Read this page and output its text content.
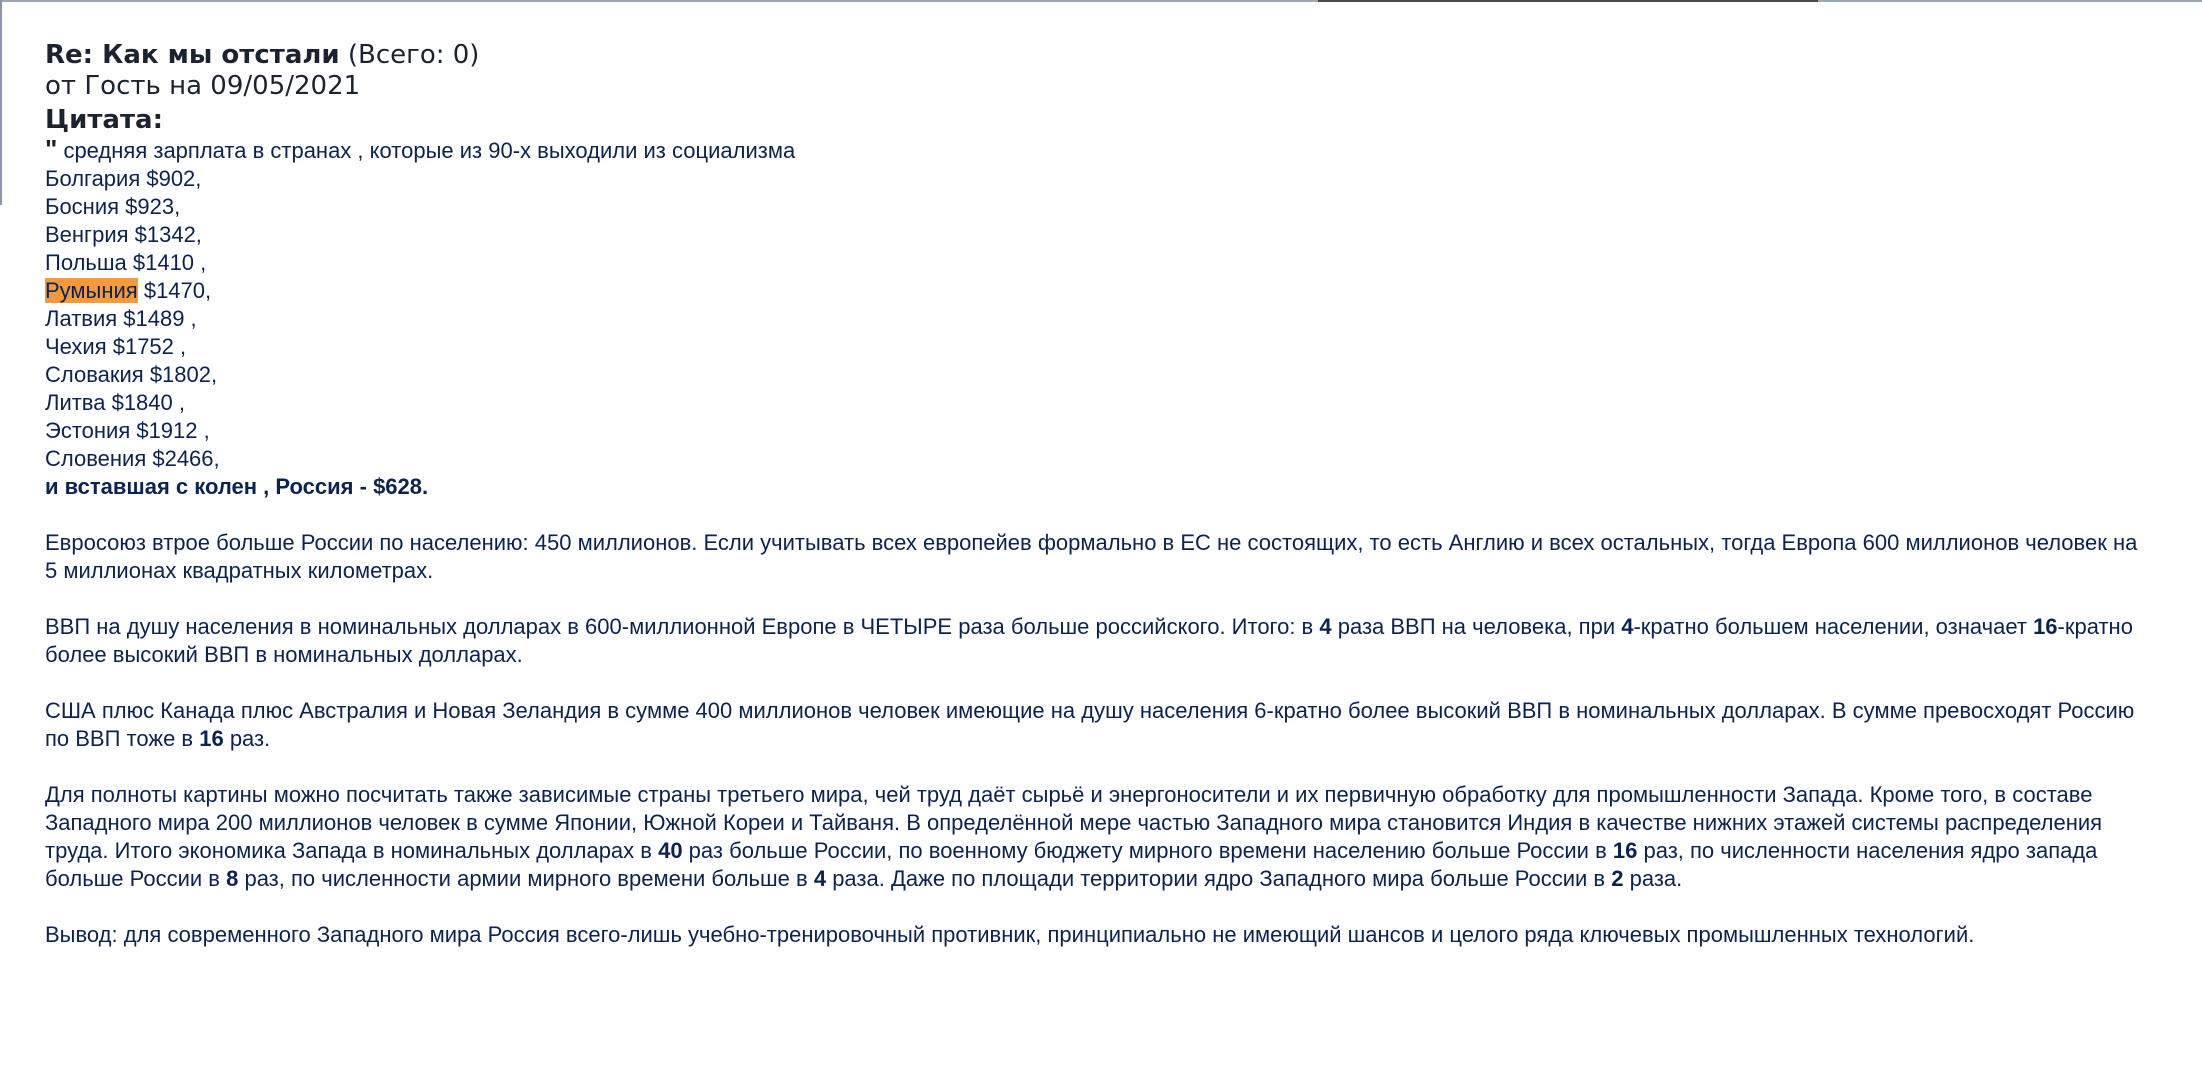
Re: Как мы отстали (Всего: 0)
от Гость на 09/05/2021
Цитата:
" средняя зарплата в странах , которые из 90-х выходили из социализма
Болгария $902,
Босния $923,
Венгрия $1342,
Польша $1410 ,
Румыния $1470,
Латвия $1489 ,
Чехия $1752 ,
Словакия $1802,
Литва $1840 ,
Эстония $1912 ,
Словения $2466,
и вставшая с колен , Россия - $628.
Евросоюз втрое больше России по населению: 450 миллионов. Если учитывать всех европейев формально в ЕС не состоящих, то есть Англию и всех остальных, тогда Европа 600 миллионов человек на 5 миллионах квадратных километрах.
ВВП на душу населения в номинальных долларах в 600-миллионной Европе в ЧЕТЫРЕ раза больше российского. Итого: в 4 раза ВВП на человека, при 4-кратно большем населении, означает 16-кратно более высокий ВВП в номинальных долларах.
США плюс Канада плюс Австралия и Новая Зеландия в сумме 400 миллионов человек имеющие на душу населения 6-кратно более высокий ВВП в номинальных долларах. В сумме превосходят Россию по ВВП тоже в 16 раз.
Для полноты картины можно посчитать также зависимые страны третьего мира, чей труд даёт сырьё и энергоносители и их первичную обработку для промышленности Запада. Кроме того, в составе Западного мира 200 миллионов человек в сумме Японии, Южной Кореи и Тайваня. В определённой мере частью Западного мира становится Индия в качестве нижних этажей системы распределения труда. Итого экономика Запада в номинальных долларах в 40 раз больше России, по военному бюджету мирного времени населению больше России в 16 раз, по численности населения ядро запада больше России в 8 раз, по численности армии мирного времени больше в 4 раза. Даже по площади территории ядро Западного мира больше России в 2 раза.
Вывод: для современного Западного мира Россия всего-лишь учебно-тренировочный противник, принципиально не имеющий шансов и целого ряда ключевых промышленных технологий.
